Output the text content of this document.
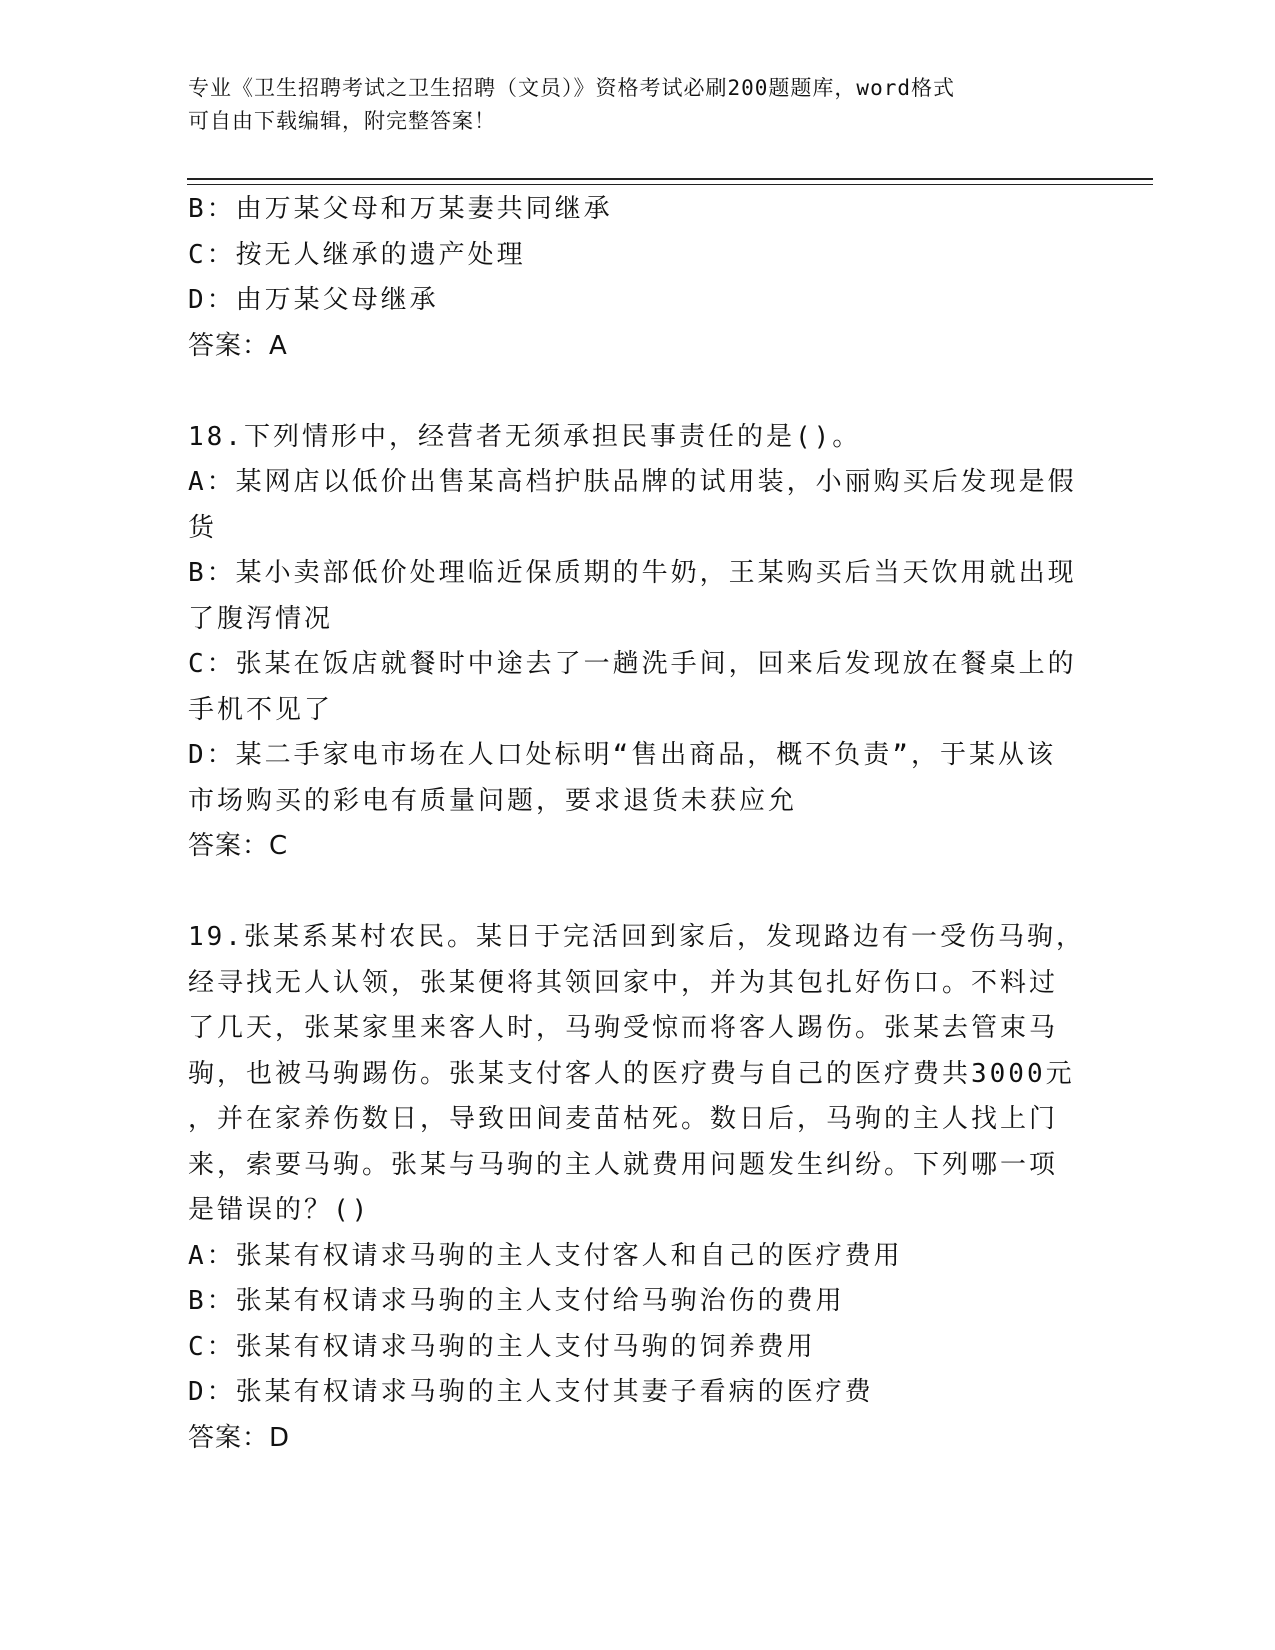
专业《卫生招聘考试之卫生招聘（文员）》资格考试必刷200题题库，word格式
可自由下载编辑，附完整答案！
B：由万某父母和万某妻共同继承
C：按无人继承的遗产处理
D：由万某父母继承
答案：A
18.下列情形中，经营者无须承担民事责任的是()。
A：某网店以低价出售某高档护肤品牌的试用装，小丽购买后发现是假
货
B：某小卖部低价处理临近保质期的牛奶，王某购买后当天饮用就出现
了腹泻情况
C：张某在饭店就餐时中途去了一趟洗手间，回来后发现放在餐桌上的
手机不见了
D：某二手家电市场在人口处标明“售出商品，概不负责”，于某从该
市场购买的彩电有质量问题，要求退货未获应允
答案：C
19.张某系某村农民。某日于完活回到家后，发现路边有一受伤马驹，
经寻找无人认领，张某便将其领回家中，并为其包扎好伤口。不料过
了几天，张某家里来客人时，马驹受惊而将客人踢伤。张某去管束马
驹，也被马驹踢伤。张某支付客人的医疗费与自己的医疗费共3000元
，并在家养伤数日，导致田间麦苗枯死。数日后，马驹的主人找上门
来，索要马驹。张某与马驹的主人就费用问题发生纠纷。下列哪一项
是错误的？()
A：张某有权请求马驹的主人支付客人和自己的医疗费用
B：张某有权请求马驹的主人支付给马驹治伤的费用
C：张某有权请求马驹的主人支付马驹的饲养费用
D：张某有权请求马驹的主人支付其妻子看病的医疗费
答案：D
